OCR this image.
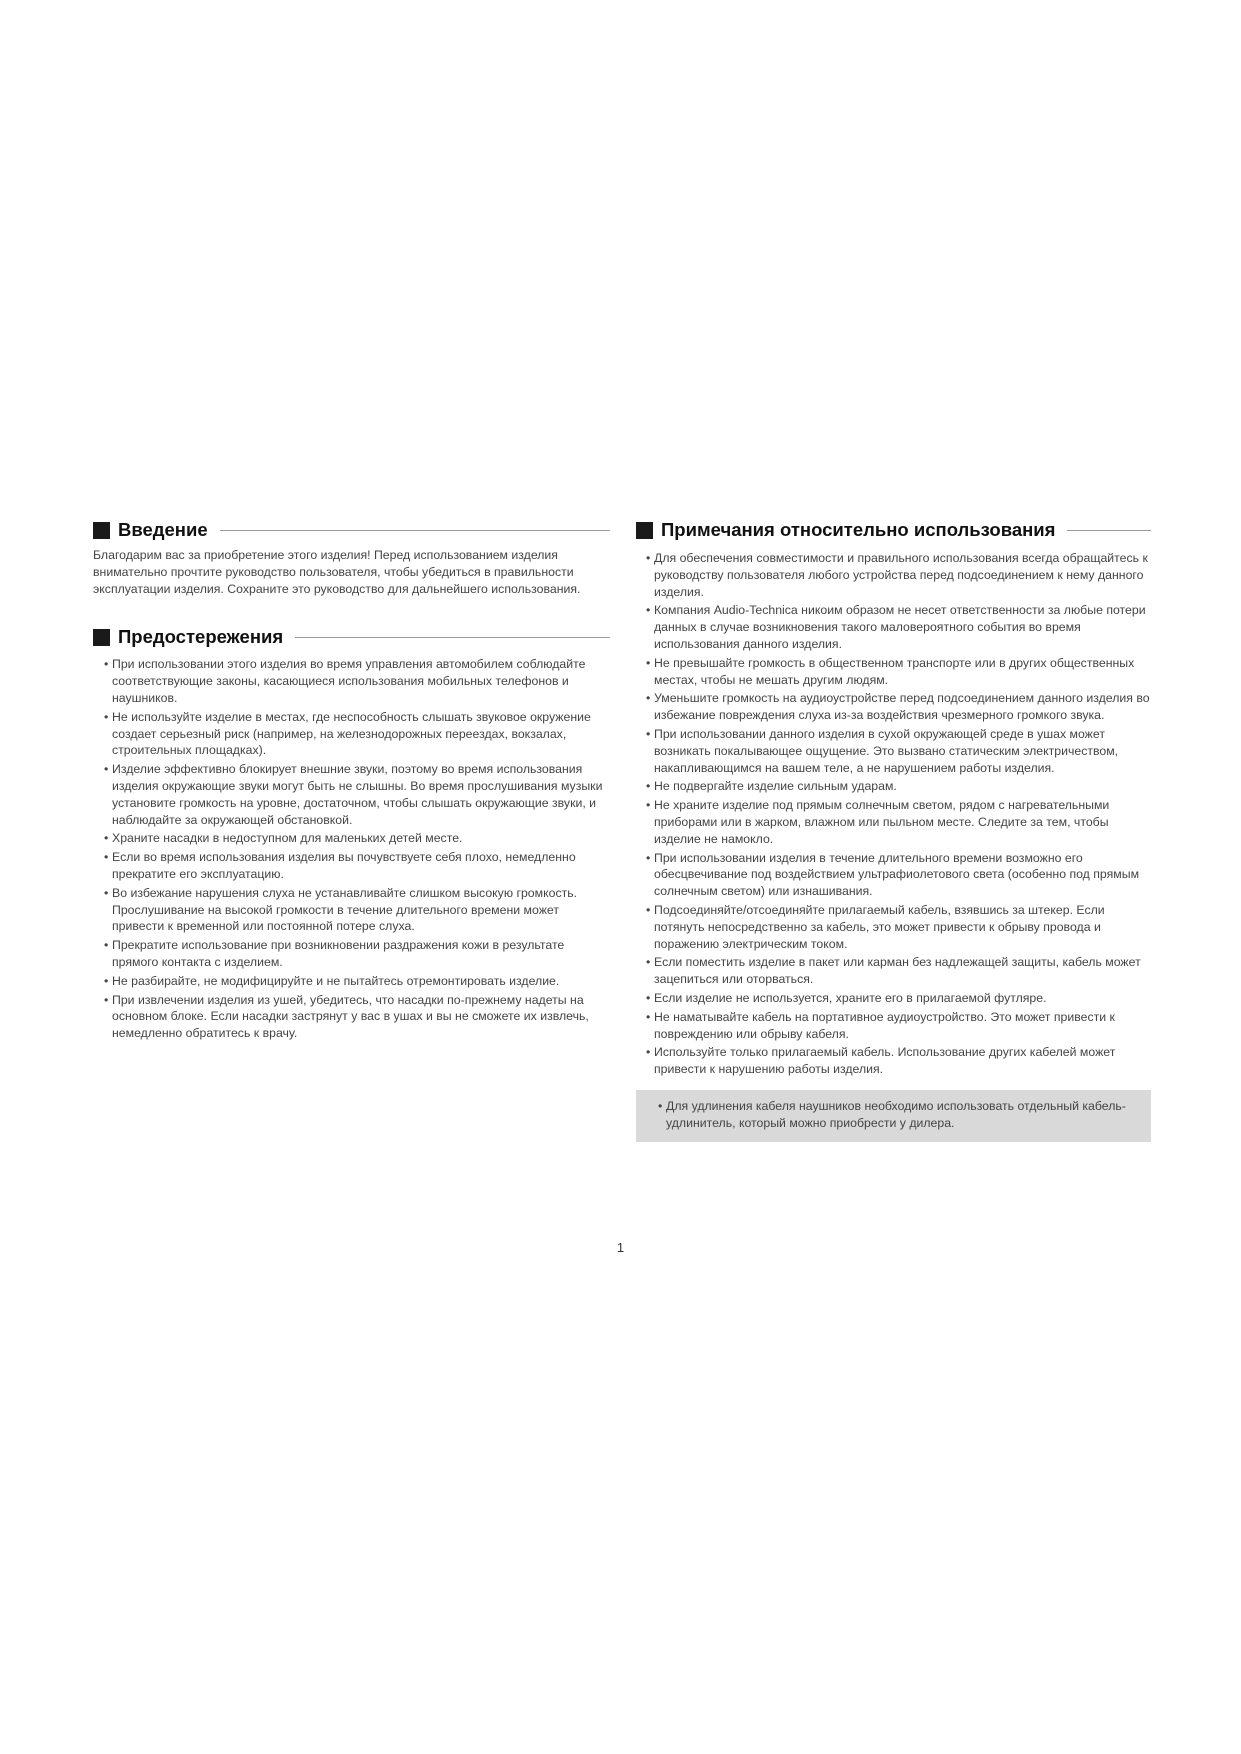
Введение

Благодарим вас за приобретение этого изделия! Перед использованием изделия внимательно прочтите руководство пользователя, чтобы убедиться в правильности эксплуатации изделия. Сохраните это руководство для дальнейшего использования.

Предостережения
• При использовании этого изделия во время управления автомобилем соблюдайте соответствующие законы, касающиеся использования мобильных телефонов и наушников.
• Не используйте изделие в местах, где неспособность слышать звуковое окружение создает серьезный риск (например, на железнодорожных переездах, вокзалах, строительных площадках).
• Изделие эффективно блокирует внешние звуки, поэтому во время использования изделия окружающие звуки могут быть не слышны. Во время прослушивания музыки установите громкость на уровне, достаточном, чтобы слышать окружающие звуки, и наблюдайте за окружающей обстановкой.
• Храните насадки в недоступном для маленьких детей месте.
• Если во время использования изделия вы почувствуете себя плохо, немедленно прекратите его эксплуатацию.
• Во избежание нарушения слуха не устанавливайте слишком высокую громкость. Прослушивание на высокой громкости в течение длительного времени может привести к временной или постоянной потере слуха.
• Прекратите использование при возникновении раздражения кожи в результате прямого контакта с изделием.
• Не разбирайте, не модифицируйте и не пытайтесь отремонтировать изделие.
• При извлечении изделия из ушей, убедитесь, что насадки по-прежнему надеты на основном блоке. Если насадки застрянут у вас в ушах и вы не сможете их извлечь, немедленно обратитесь к врачу.
Примечания относительно использования
• Для обеспечения совместимости и правильного использования всегда обращайтесь к руководству пользователя любого устройства перед подсоединением к нему данного изделия.
• Компания Audio-Technica никоим образом не несет ответственности за любые потери данных в случае возникновения такого маловероятного события во время использования данного изделия.
• Не превышайте громкость в общественном транспорте или в других общественных местах, чтобы не мешать другим людям.
• Уменьшите громкость на аудиоустройстве перед подсоединением данного изделия во избежание повреждения слуха из-за воздействия чрезмерного громкого звука.
• При использовании данного изделия в сухой окружающей среде в ушах может возникать покалывающее ощущение. Это вызвано статическим электричеством, накапливающимся на вашем теле, а не нарушением работы изделия.
• Не подвергайте изделие сильным ударам.
• Не храните изделие под прямым солнечным светом, рядом с нагревательными приборами или в жарком, влажном или пыльном месте. Следите за тем, чтобы изделие не намокло.
• При использовании изделия в течение длительного времени возможно его обесцвечивание под воздействием ультрафиолетового света (особенно под прямым солнечным светом) или изнашивания.
• Подсоединяйте/отсоединяйте прилагаемый кабель, взявшись за штекер. Если потянуть непосредственно за кабель, это может привести к обрыву провода и поражению электрическим током.
• Если поместить изделие в пакет или карман без надлежащей защиты, кабель может зацепиться или оторваться.
• Если изделие не используется, храните его в прилагаемой футляре.
• Не наматывайте кабель на портативное аудиоустройство. Это может привести к повреждению или обрыву кабеля.
• Используйте только прилагаемый кабель. Использование других кабелей может привести к нарушению работы изделия.
• Для удлинения кабеля наушников необходимо использовать отдельный кабель-удлинитель, который можно приобрести у дилера.
1
